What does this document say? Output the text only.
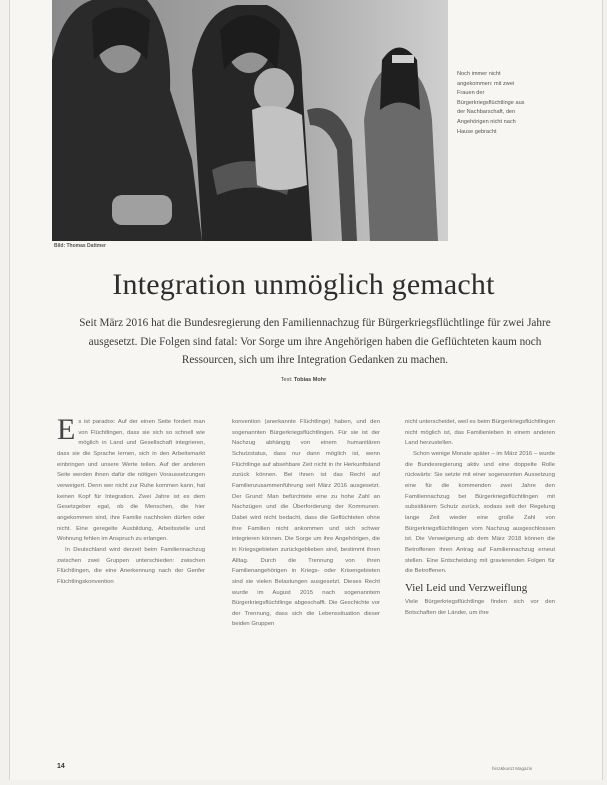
Bild: Thomas Dattmer
Noch immer nicht angekommen: mit zwei Frauen der Bürgerkriegsflüchtlinge aus der Nachbarschaft, den Angehörigen nicht nach Hause gebracht
Integration unmöglich gemacht
Seit März 2016 hat die Bundesregierung den Familiennachzug für Bürgerkriegsflüchtlinge für zwei Jahre ausgesetzt. Die Folgen sind fatal: Vor Sorge um ihre Angehörigen haben die Geflüchteten kaum noch Ressourcen, sich um ihre Integration Gedanken zu machen.
Text: Tobias Mohr

Es ist paradox: Auf der einen Seite fordert man von Flüchtlingen, dass sie sich so schnell wie möglich in Land und Gesellschaft integrieren, dass sie die Sprache lernen, sich in den Arbeitsmarkt einbringen und unsere Werte teilen. Auf der anderen Seite werden ihnen dafür die nötigen Voraussetzungen verweigert. Denn wer nicht zur Ruhe kommen kann, hat keinen Kopf für Integration. Zwei Jahre ist es dem Gesetzgeber egal, ob die Menschen, die hier angekommen sind, ihre Familie nachholen dürfen oder nicht. Eine geregelte Ausbildung, Arbeitsstelle und Wohnung fehlen im Anspruch zu erlangen.

In Deutschland wird derzeit beim Familiennachzug zwischen zwei Gruppen unterschieden: zwischen Flüchtlingen, die eine Anerkennung nach der Genfer Flüchtlingskonvention

konvention (anerkannte Flüchtlinge) haben, und den sogenannten Bürgerkriegsflüchtlingen. Für sie ist der Nachzug abhängig von einem humanitären Schutzstatus, dass nur dann möglich ist, wenn Flüchtlinge auf absehbare Zeit nicht in ihr Herkunftsland zurück können. Bei ihnen ist das Recht auf Familienzusammenführung seit März 2016 ausgesetzt. Der Grund: Man befürchtete eine zu hohe Zahl an Nachzügen und die Überforderung der Kommunen. Dabei wird nicht bedacht, dass die Geflüchteten ohne ihre Familien nicht ankommen und sich schwer integrieren können. Die Sorge um ihre Angehörigen, die in Kriegsgebieten zurückgeblieben sind, bestimmt ihren Alltag. Durch die Trennung von ihren Familienangehörigen in Kriegs- oder Krisengebieten sind sie vielen Belastungen ausgesetzt. Dieses Recht wurde im August 2015 nach sogenanntem Bürgerkriegsflüchtlinge abgeschafft. Die Geschichte vor der Trennung, dass sich die Lebenssituation dieser beiden Gruppen

nicht unterscheidet, weil es beim Bürgerkriegsflüchtlingen nicht möglich ist, das Familienleben in einem anderen Land herzustellen.

Schon wenige Monate später – im März 2016 – wurde die Bundesregierung aktiv und eine doppelte Rolle rückwärts: Sie setzte mit einer sogenannten Aussetzung eine für die kommenden zwei Jahre den Familiennachzug bei Bürgerkriegsflüchtlingen mit subsidiärem Schutz zurück, sodass seit der Regelung lange Zeit wieder eine große Zahl von Bürgerkriegsflüchtlingen vom Nachzug ausgeschlossen ist. Die Verweigerung ab dem März 2018 können die Betroffenen ihren Antrag auf Familiennachzug erneut stellen. Eine Entscheidung mit gravierenden Folgen für die Betroffenen.

Viel Leid und Verzweiflung

Viele Bürgerkriegsflüchtlinge finden sich vor den Botschaften der Länder, um ihre

14	hinz&kunzt Magazin
